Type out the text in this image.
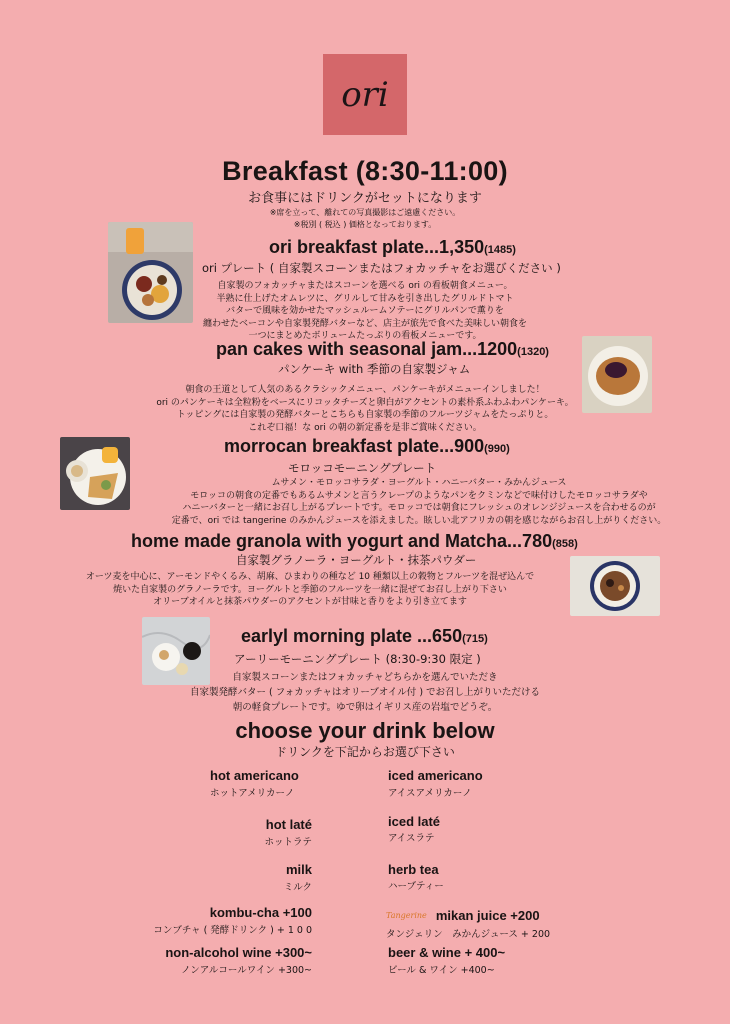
ori
Breakfast (8:30-11:00)
お食事にはドリンクがセットになります
※席を立って、離れての写真撮影はご遠慮ください。
※税別 ( 税込 ) 価格となっております。
ori breakfast plate...1,350(1485)
ori プレート ( 自家製スコーンまたはフォカッチャをお選びください )
自家製のフォカッチャまたはスコーンを選べる ori の看板朝食メニュー。
半熟に仕上げたオムレツに、グリルして甘みを引き出したグリルドトマト
バターで風味を効かせたマッシュルームソテーにグリルパンで薫りを
纏わせたベーコンや自家製発酵バターなど、店主が旅先で食べた美味しい朝食を
一つにまとめたボリュームたっぷりの看板メニューです。
pan cakes with seasonal jam...1200(1320)
パンケーキ with 季節の自家製ジャム
朝食の王道として人気のあるクラシックメニュー、パンケーキがメニューインしました！
ori のパンケーキは全粒粉をベースにリコッタチーズと卵白がアクセントの素朴系ふわふわパンケーキ。
トッピングには自家製の発酵バターとこちらも自家製の季節のフルーツジャムをたっぷりと。
これぞ口福！な ori の朝の新定番を是非ご賞味ください。
morrocan breakfast plate...900(990)
モロッコモーニングプレート
ムサメン・モロッコサラダ・ヨーグルト・ハニーバター・みかんジュース
モロッコの朝食の定番でもあるムサメンと言うクレープのようなパンをクミンなどで味付けしたモロッコサラダや
ハニーバターと一緒にお召し上がるプレートです。モロッコでは朝食にフレッシュのオレンジジュースを合わせるのが
定番で、ori では tangerine のみかんジュースを添えました。眩しい北アフリカの朝を感じながらお召し上がりください。
home made granola with yogurt and Matcha...780(858)
自家製グラノーラ・ヨーグルト・抹茶パウダー
オーツ麦を中心に、アーモンドやくるみ、胡麻、ひまわりの種など 10 種類以上の穀物とフルーツを混ぜ込んで
焼いた自家製のグラノーラです。ヨーグルトと季節のフルーツを一緒に混ぜてお召し上がり下さい
オリーブオイルと抹茶パウダーのアクセントが甘味と香りをより引き立てます
earlyl morning plate ...650(715)
アーリーモーニングプレート (8:30-9:30 限定 )
自家製スコーンまたはフォカッチャどちらかを選んでいただき
自家製発酵バター ( フォカッチャはオリーブオイル付 ) でお召し上がりいただける
朝の軽食プレートです。ゆで卵はイギリス産の岩塩でどうぞ。
choose your drink below
ドリンクを下記からお選び下さい
hot americano
ホットアメリカーノ
hot laté
ホットラテ
milk
ミルク
kombu-cha +100
コンブチャ ( 発酵ドリンク ) + 1 0 0
non-alcohol wine +300~
ノンアルコールワイン +300~
iced americano
アイスアメリカーノ
iced laté
アイスラテ
herb tea
ハーブティー
Tangerine mikan juice +200
タンジェリン　みかんジュース + 200
beer & wine + 400~
ビール & ワイン +400~
